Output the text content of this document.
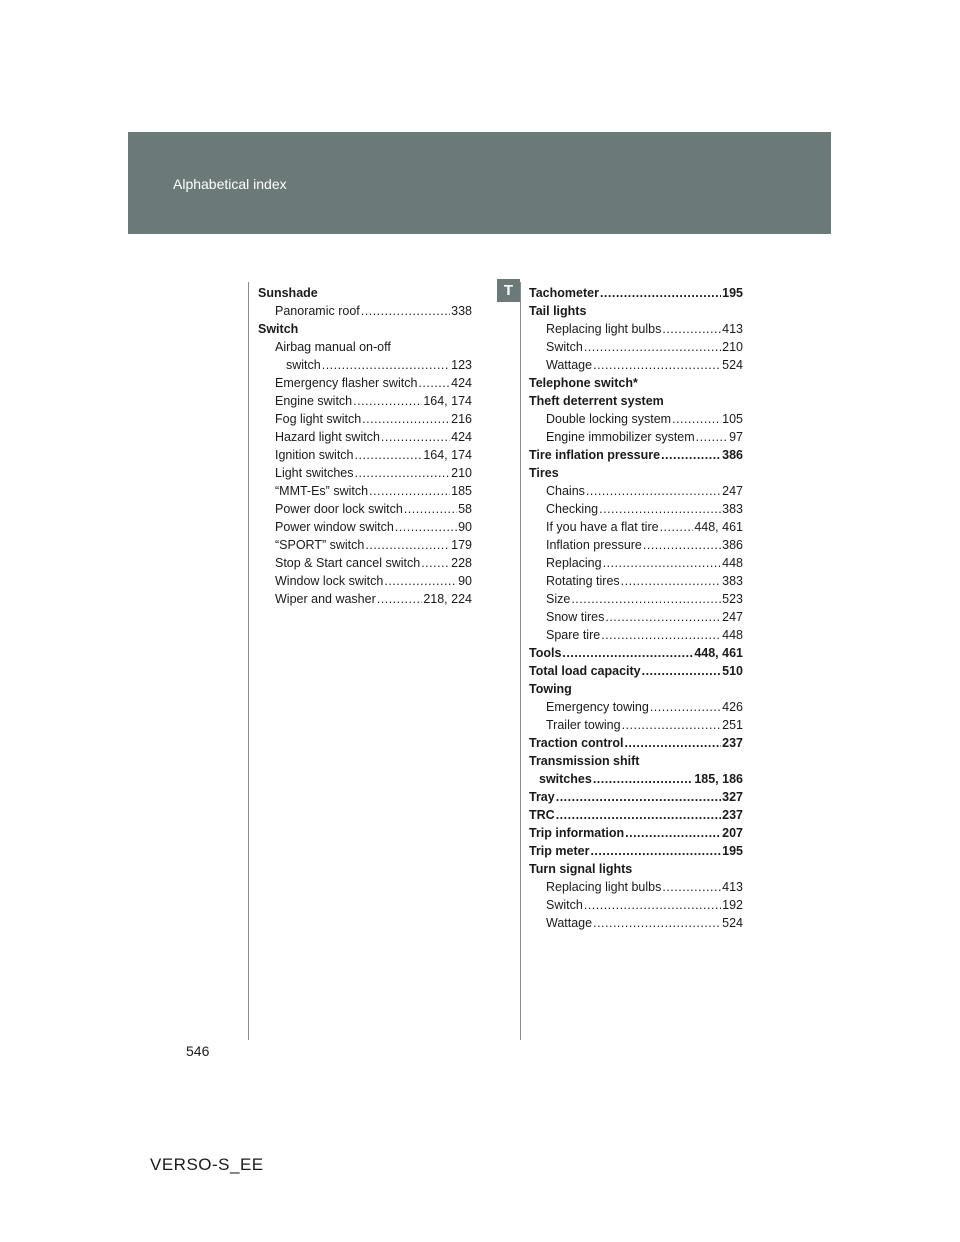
Alphabetical index
T
Sunshade
Panoramic roof .....	338
Switch
Airbag manual on-off
switch .....	123
Emergency flasher switch .....	424
Engine switch .....	164, 174
Fog light switch .....	216
Hazard light switch .....	424
Ignition switch .....	164, 174
Light switches .....	210
“MMT-Es” switch .....	185
Power door lock switch .....	58
Power window switch .....	90
“SPORT” switch .....	179
Stop & Start cancel switch ..... 228
Window lock switch .....	90
Wiper and washer .....	218, 224
Tachometer .....	195
Tail lights
Replacing light bulbs .....	413
Switch .....	210
Wattage .....	524
Telephone switch*
Theft deterrent system
Double locking system .....	105
Engine immobilizer system .....	97
Tire inflation pressure .....	386
Tires
Chains .....	247
Checking .....	383
If you have a flat tire .....	448, 461
Inflation pressure .....	386
Replacing .....	448
Rotating tires .....	383
Size .....	523
Snow tires .....	247
Spare tire .....	448
Tools .....	448, 461
Total load capacity .....	510
Towing
Emergency towing .....	426
Trailer towing .....	251
Traction control .....	237
Transmission shift
switches .....	185, 186
Tray .....	327
TRC .....	237
Trip information .....	207
Trip meter .....	195
Turn signal lights
Replacing light bulbs .....	413
Switch .....	192
Wattage .....	524
546
VERSO-S_EE
